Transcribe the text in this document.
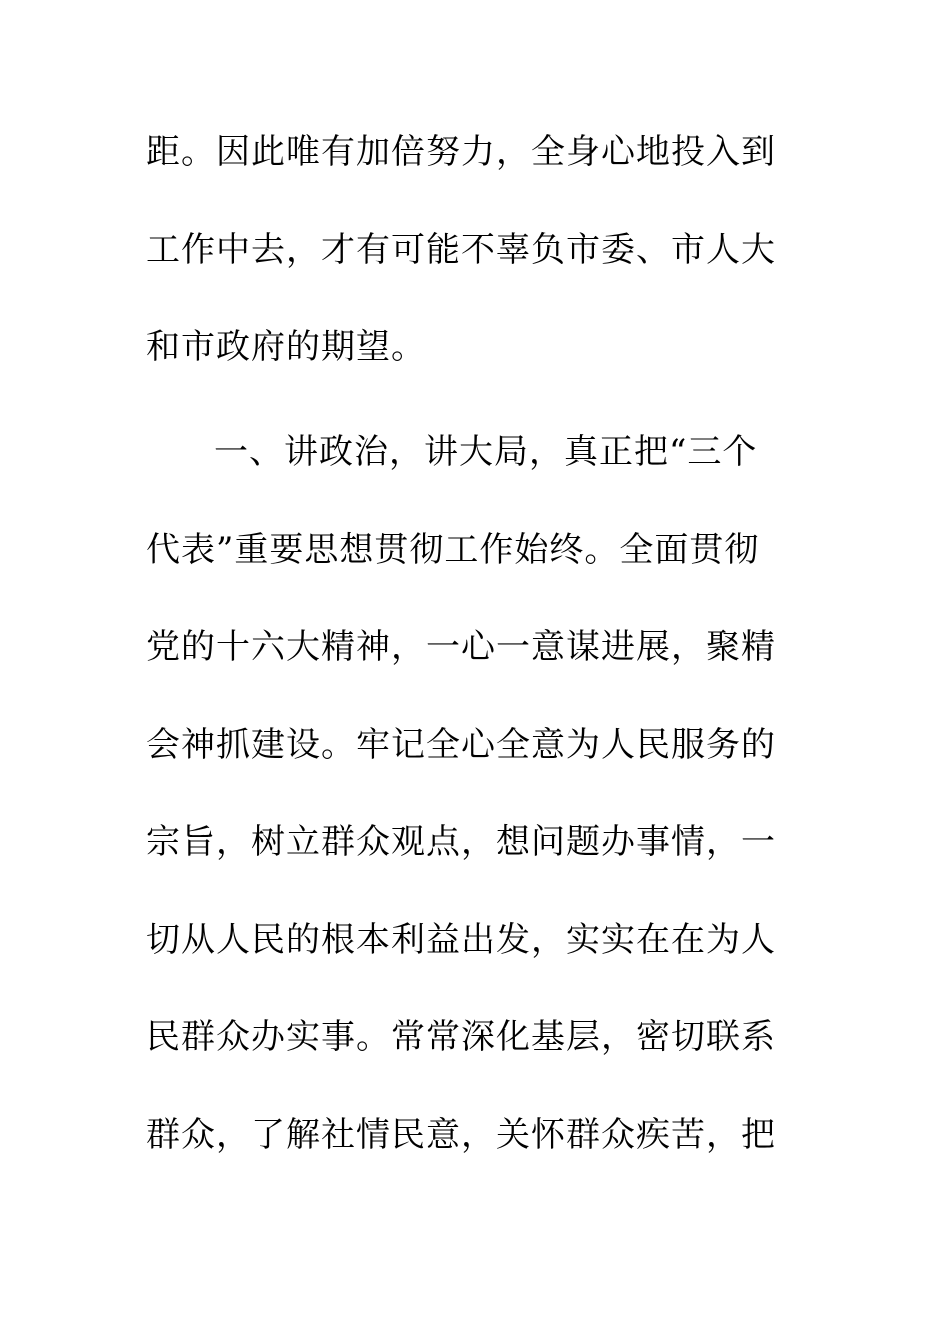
距。因此唯有加倍努力，全身心地投入到
工作中去，才有可能不辜负市委、市人大
和市政府的期望。
一、讲政治，讲大局，真正把“三个
代表”重要思想贯彻工作始终。全面贯彻
党的十六大精神，一心一意谋进展，聚精
会神抓建设。牢记全心全意为人民服务的
宗旨，树立群众观点，想问题办事情，一
切从人民的根本利益出发，实实在在为人
民群众办实事。常常深化基层，密切联系
群众，了解社情民意，关怀群众疾苦，把
